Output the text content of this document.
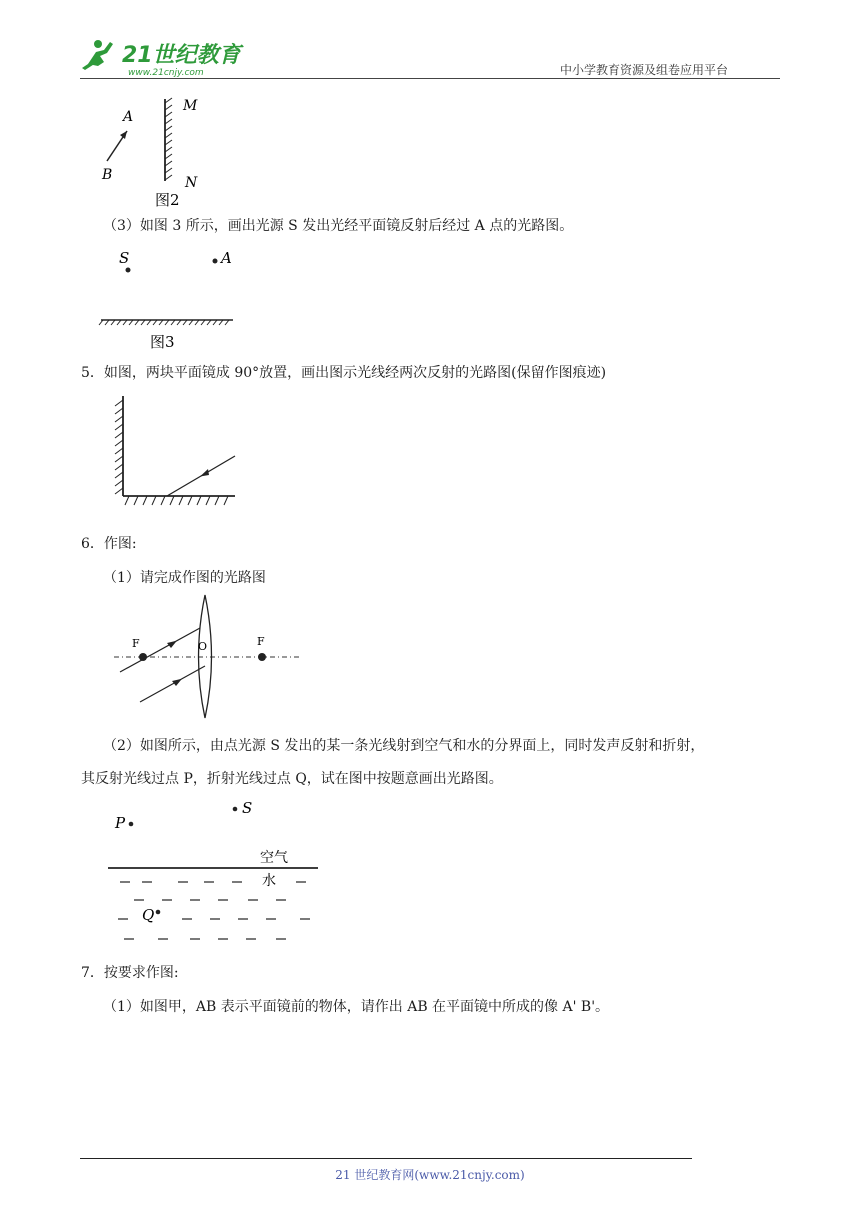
21世纪教育
www.21cnjy.com	中小学教育资源及组卷应用平台
A
B
M
N
图2
（3）如图 3 所示，画出光源 S 发出光经平面镜反射后经过 A 点的光路图。
S	A
图3
5．如图，两块平面镜成 90°放置，画出图示光线经两次反射的光路图(保留作图痕迹)
6．作图:
（1）请完成作图的光路图
F	O	F
（2）如图所示，由点光源 S 发出的某一条光线射到空气和水的分界面上，同时发声反射和折射，
其反射光线过点 P，折射光线过点 Q，试在图中按题意画出光路图。
P
S
空气
水
Q
7．按要求作图:
（1）如图甲，AB 表示平面镜前的物体，请作出 AB 在平面镜中所成的像 A' B'。
21 世纪教育网(www.21cnjy.com)
